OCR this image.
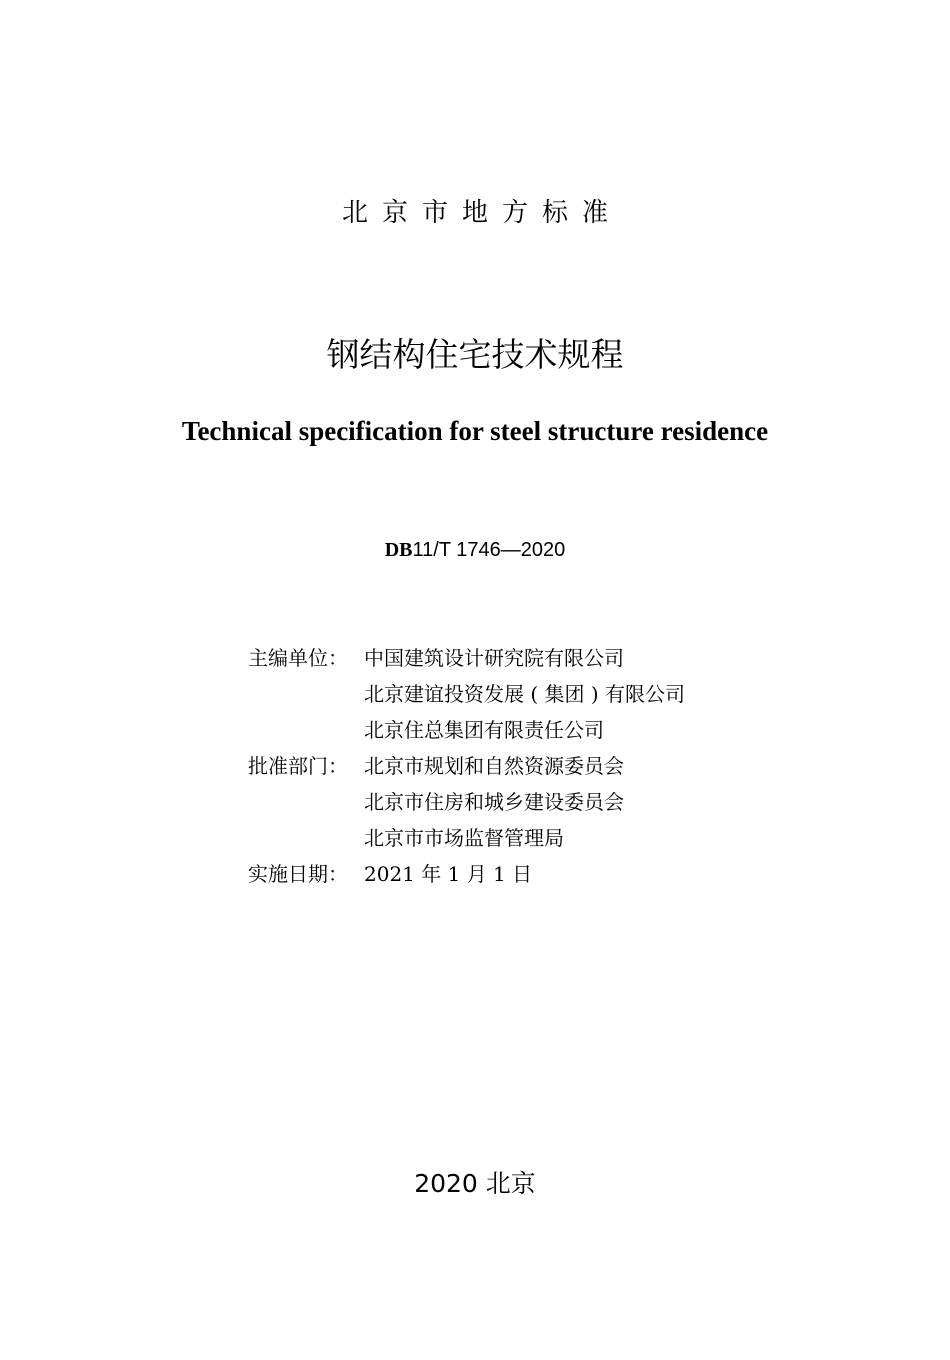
北京市地方标准
钢结构住宅技术规程
Technical specification for steel structure residence
DB11/T 1746—2020
主编单位： 中国建筑设计研究院有限公司
北京建谊投资发展 ( 集团 ) 有限公司
北京住总集团有限责任公司
批准部门： 北京市规划和自然资源委员会
北京市住房和城乡建设委员会
北京市市场监督管理局
实施日期： 2021 年 1 月 1 日
2020 北京
